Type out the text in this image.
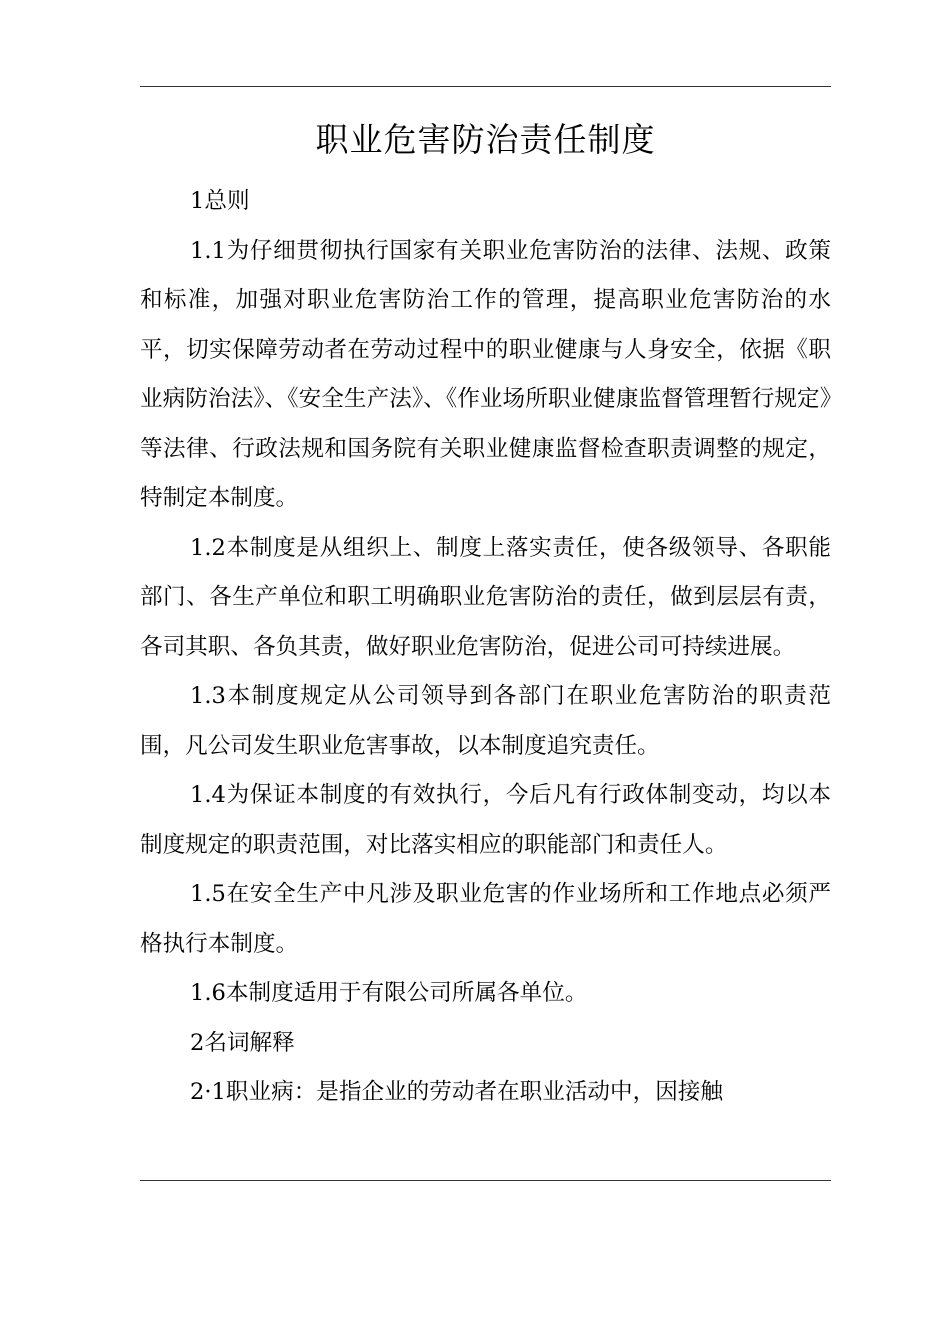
职业危害防治责任制度

1总则

1.1为仔细贯彻执行国家有关职业危害防治的法律、法规、政策和标准，加强对职业危害防治工作的管理，提高职业危害防治的水平，切实保障劳动者在劳动过程中的职业健康与人身安全，依据《职业病防治法》、《安全生产法》、《作业场所职业健康监督管理暂行规定》等法律、行政法规和国务院有关职业健康监督检查职责调整的规定，特制定本制度。

1.2本制度是从组织上、制度上落实责任，使各级领导、各职能部门、各生产单位和职工明确职业危害防治的责任，做到层层有责，各司其职、各负其责，做好职业危害防治，促进公司可持续进展。

1.3本制度规定从公司领导到各部门在职业危害防治的职责范围，凡公司发生职业危害事故，以本制度追究责任。

1.4为保证本制度的有效执行，今后凡有行政体制变动，均以本制度规定的职责范围，对比落实相应的职能部门和责任人。

1.5在安全生产中凡涉及职业危害的作业场所和工作地点必须严格执行本制度。

1.6本制度适用于有限公司所属各单位。

2名词解释

2·1职业病：是指企业的劳动者在职业活动中，因接触
